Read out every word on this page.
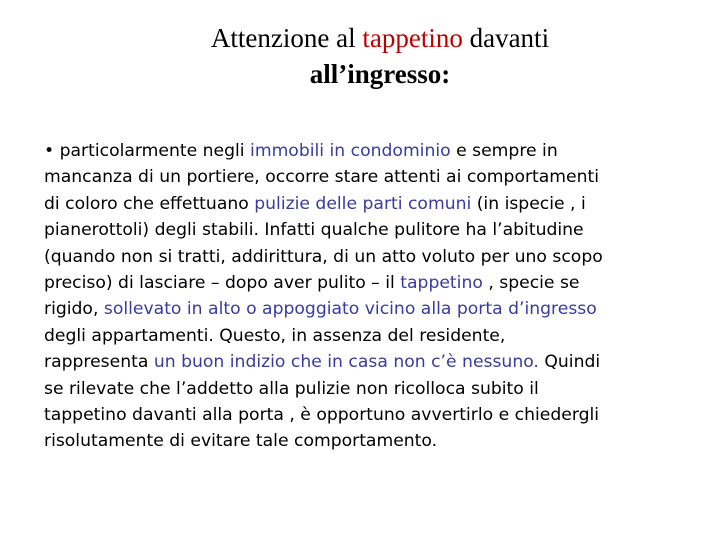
Attenzione al tappetino davanti
all’ingresso:
• particolarmente negli immobili in condominio e sempre in
mancanza di un portiere, occorre stare attenti ai comportamenti
di coloro che effettuano pulizie delle parti comuni (in ispecie , i
pianerottoli) degli stabili. Infatti qualche pulitore ha l’abitudine
(quando non si tratti, addirittura, di un atto voluto per uno scopo
preciso) di lasciare – dopo aver pulito – il tappetino , specie se
rigido, sollevato in alto o appoggiato vicino alla porta d’ingresso
degli appartamenti. Questo, in assenza del residente,
rappresenta un buon indizio che in casa non c’è nessuno. Quindi
se rilevate che l’addetto alla pulizie non ricolloca subito il
tappetino davanti alla porta , è opportuno avvertirlo e chiedergli
risolutamente di evitare tale comportamento.
